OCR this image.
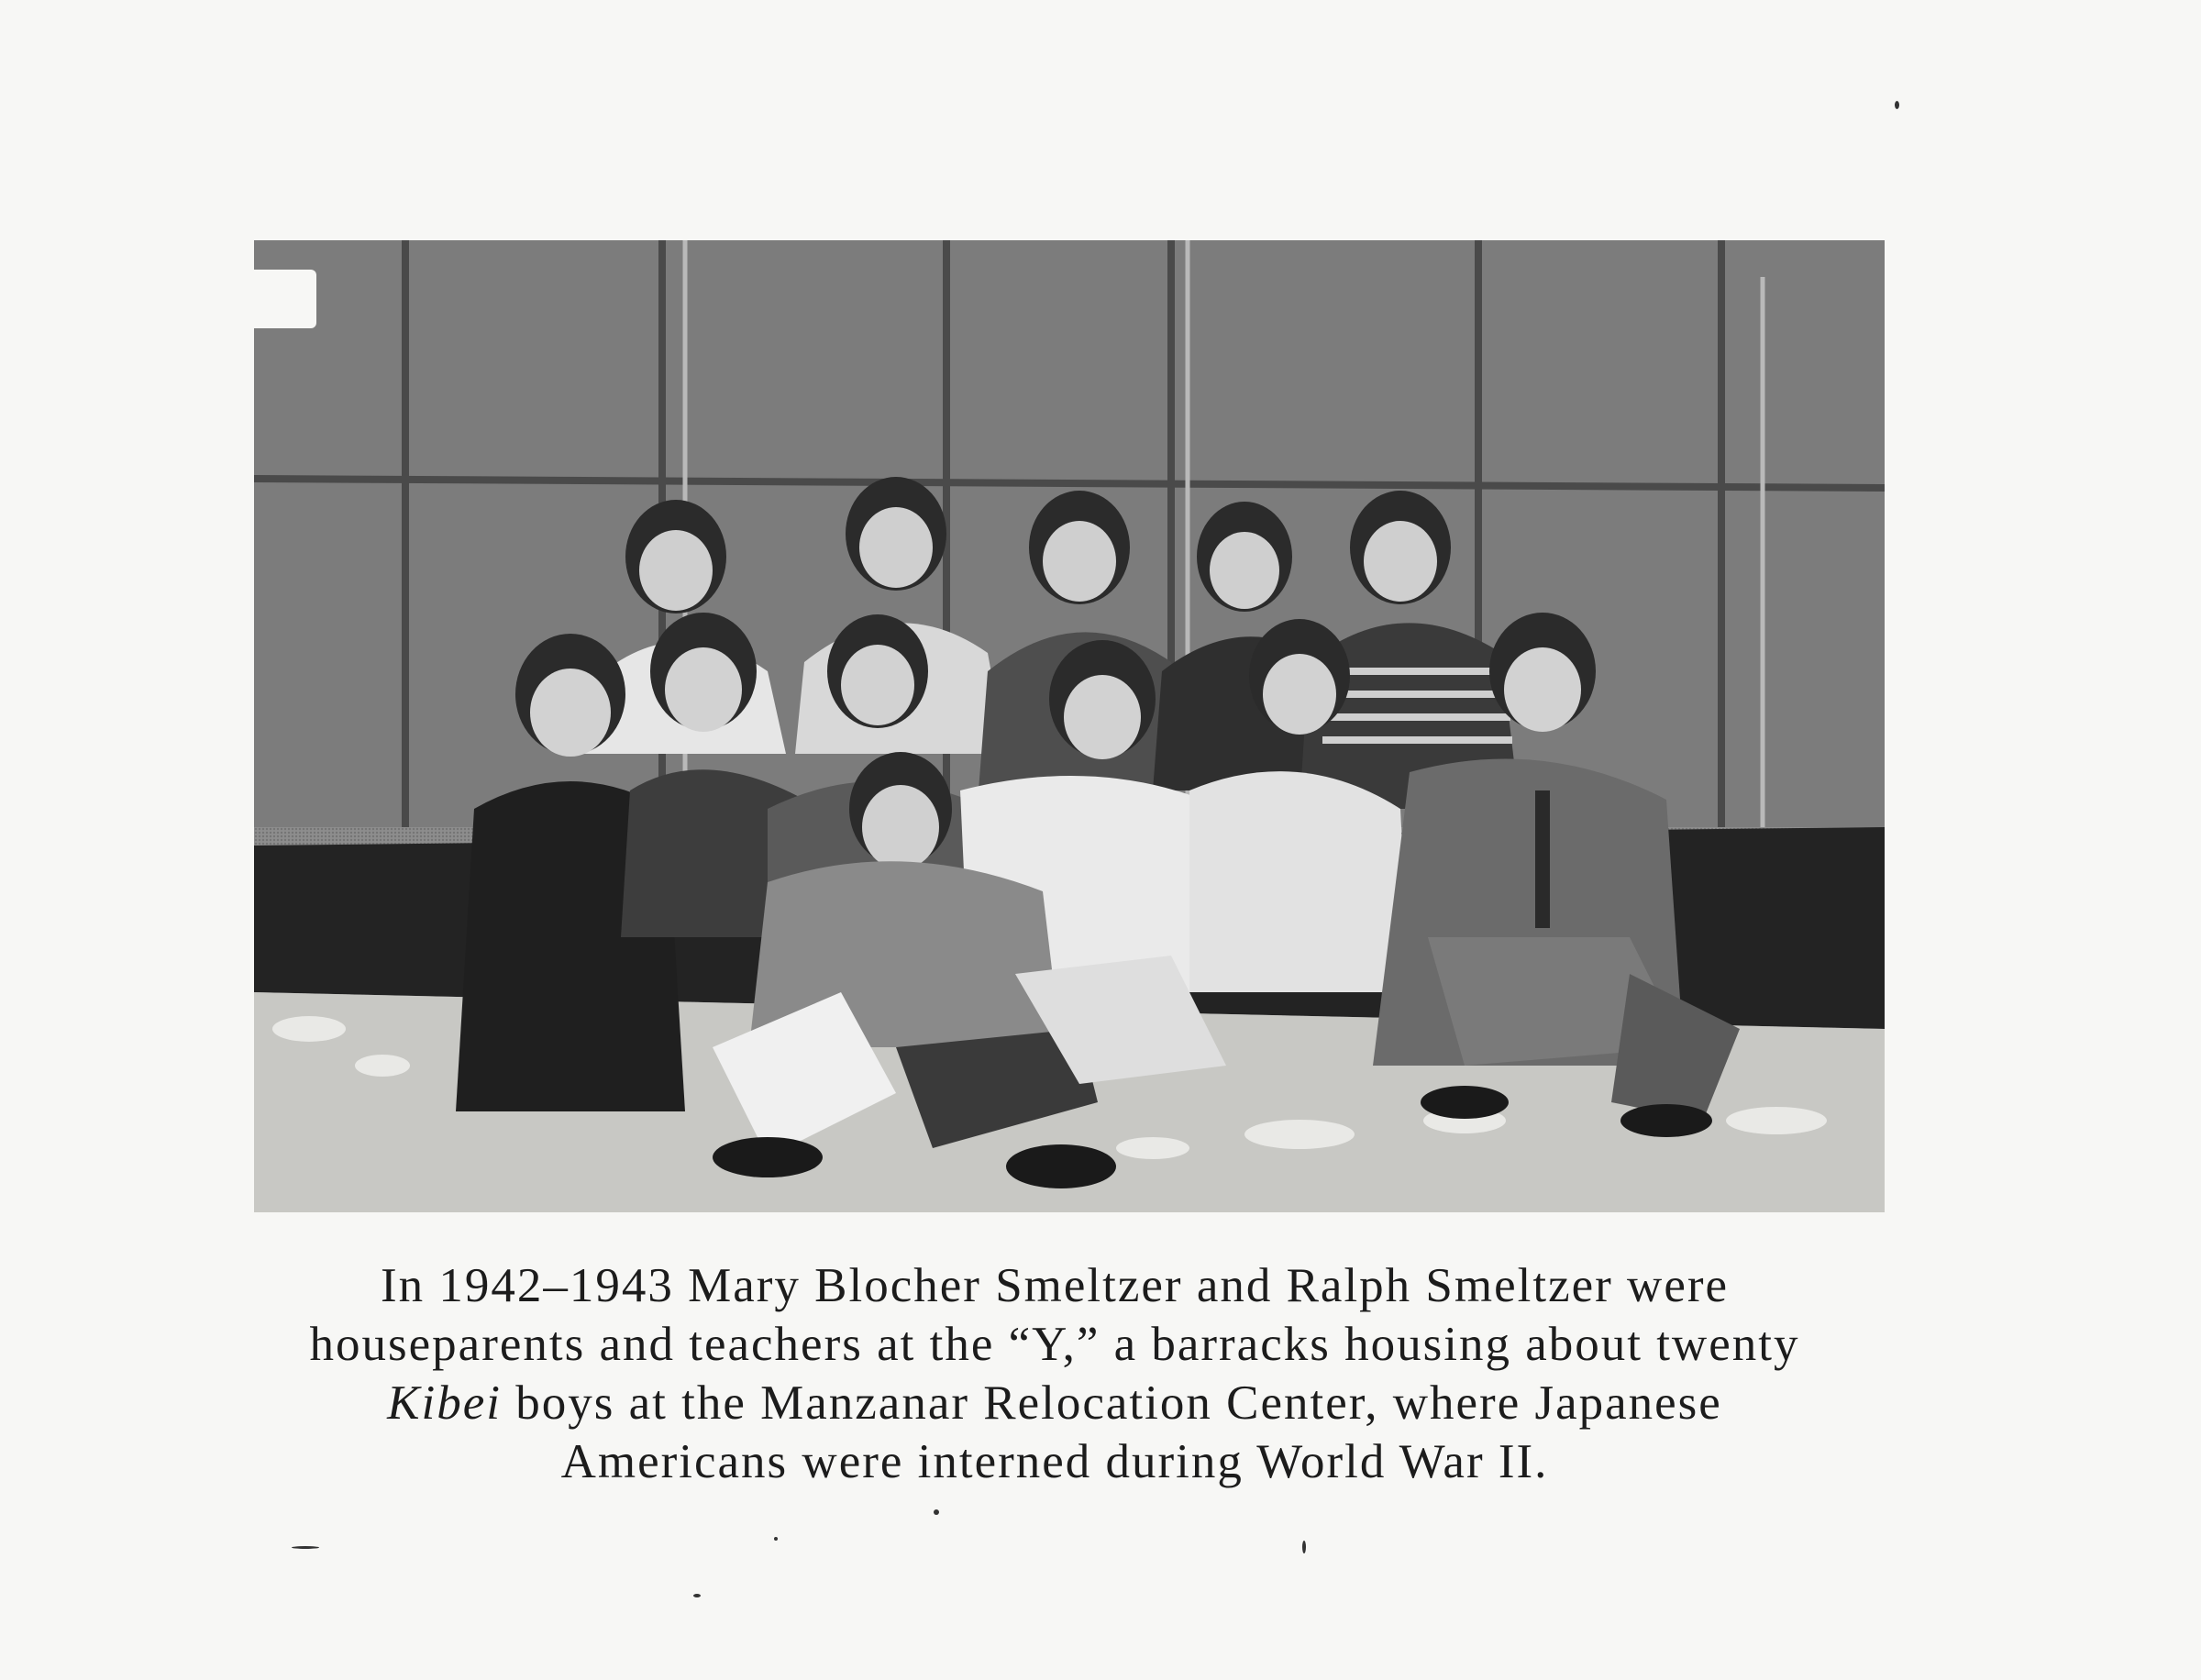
In 1942–1943 Mary Blocher Smeltzer and Ralph Smeltzer were
houseparents and teachers at the “Y,” a barracks housing about twenty
Kibei boys at the Manzanar Relocation Center, where Japanese
Americans were interned during World War II.
